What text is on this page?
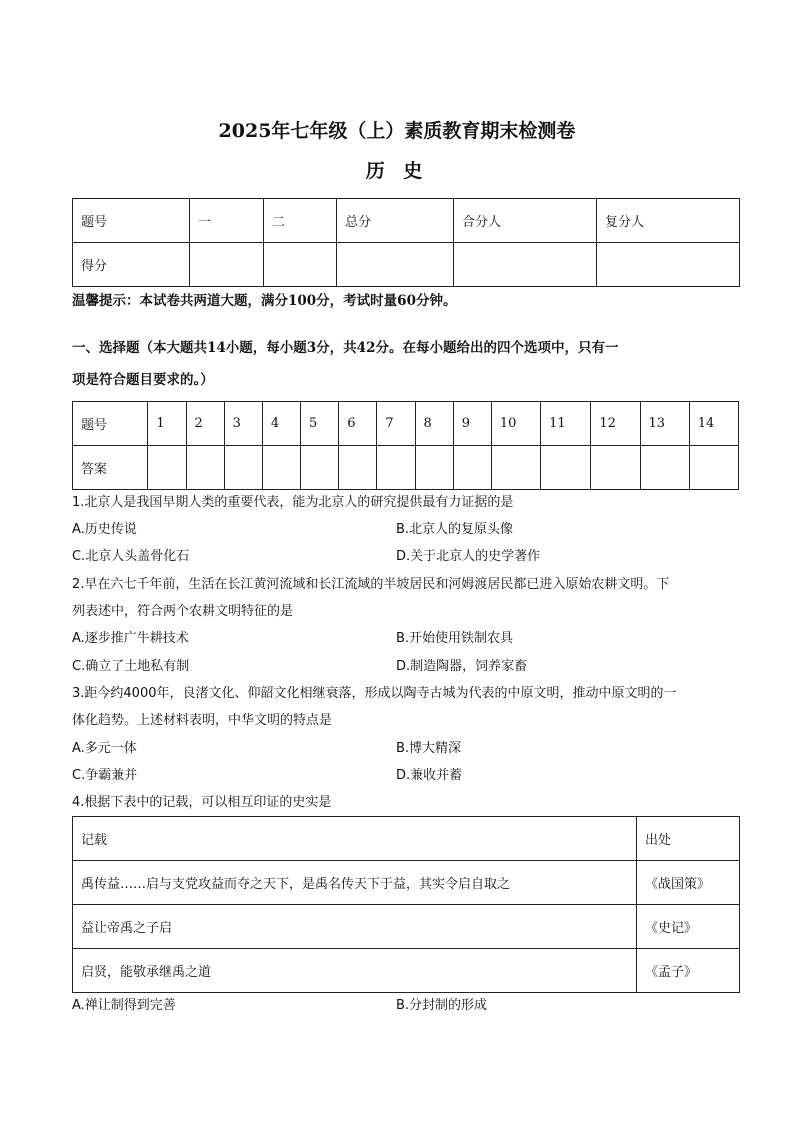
2025年七年级（上）素质教育期末检测卷
历 史
题号	一	二	总分	合分人	复分人
得分					
温馨提示：本试卷共两道大题，满分100分，考试时量60分钟。
一、选择题（本大题共14小题，每小题3分，共42分。在每小题给出的四个选项中，只有一
项是符合题目要求的。）
题号	1	2	3	4	5	6	7	8	9	10	11	12	13	14
答案														
1.北京人是我国早期人类的重要代表，能为北京人的研究提供最有力证据的是
A.历史传说	B.北京人的复原头像
C.北京人头盖骨化石	D.关于北京人的史学著作
2.早在六七千年前，生活在长江黄河流域和长江流域的半坡居民和河姆渡居民都已进入原始农耕文明。下
列表述中，符合两个农耕文明特征的是
A.逐步推广牛耕技术	B.开始使用铁制农具
C.确立了土地私有制	D.制造陶器，饲养家畜
3.距今约4000年，良渚文化、仰韶文化相继衰落，形成以陶寺古城为代表的中原文明，推动中原文明的一
体化趋势。上述材料表明，中华文明的特点是
A.多元一体	B.博大精深
C.争霸兼并	D.兼收并蓄
4.根据下表中的记载，可以相互印证的史实是
记载	出处
禹传益……启与支党攻益而夺之天下，是禹名传天下于益，其实令启自取之	《战国策》
益让帝禹之子启	《史记》
启贤，能敬承继禹之道	《孟子》
A.禅让制得到完善	B.分封制的形成
